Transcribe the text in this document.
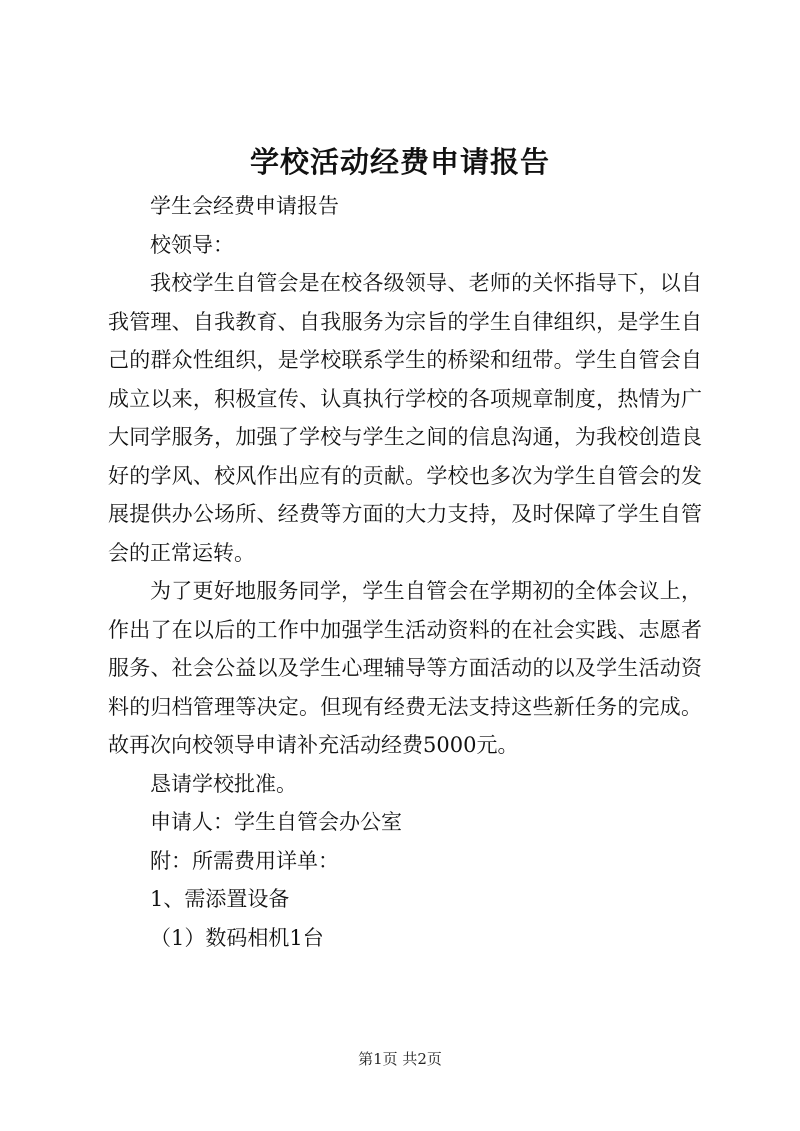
学校活动经费申请报告

学生会经费申请报告

校领导：

我校学生自管会是在校各级领导、老师的关怀指导下，以自我管理、自我教育、自我服务为宗旨的学生自律组织，是学生自己的群众性组织，是学校联系学生的桥梁和纽带。学生自管会自成立以来，积极宣传、认真执行学校的各项规章制度，热情为广大同学服务，加强了学校与学生之间的信息沟通，为我校创造良好的学风、校风作出应有的贡献。学校也多次为学生自管会的发展提供办公场所、经费等方面的大力支持，及时保障了学生自管会的正常运转。

为了更好地服务同学，学生自管会在学期初的全体会议上，作出了在以后的工作中加强学生活动资料的在社会实践、志愿者服务、社会公益以及学生心理辅导等方面活动的以及学生活动资料的归档管理等决定。但现有经费无法支持这些新任务的完成。故再次向校领导申请补充活动经费5000元。

恳请学校批准。

申请人：学生自管会办公室

附：所需费用详单：

1、需添置设备

（1）数码相机1台

第1页 共2页
